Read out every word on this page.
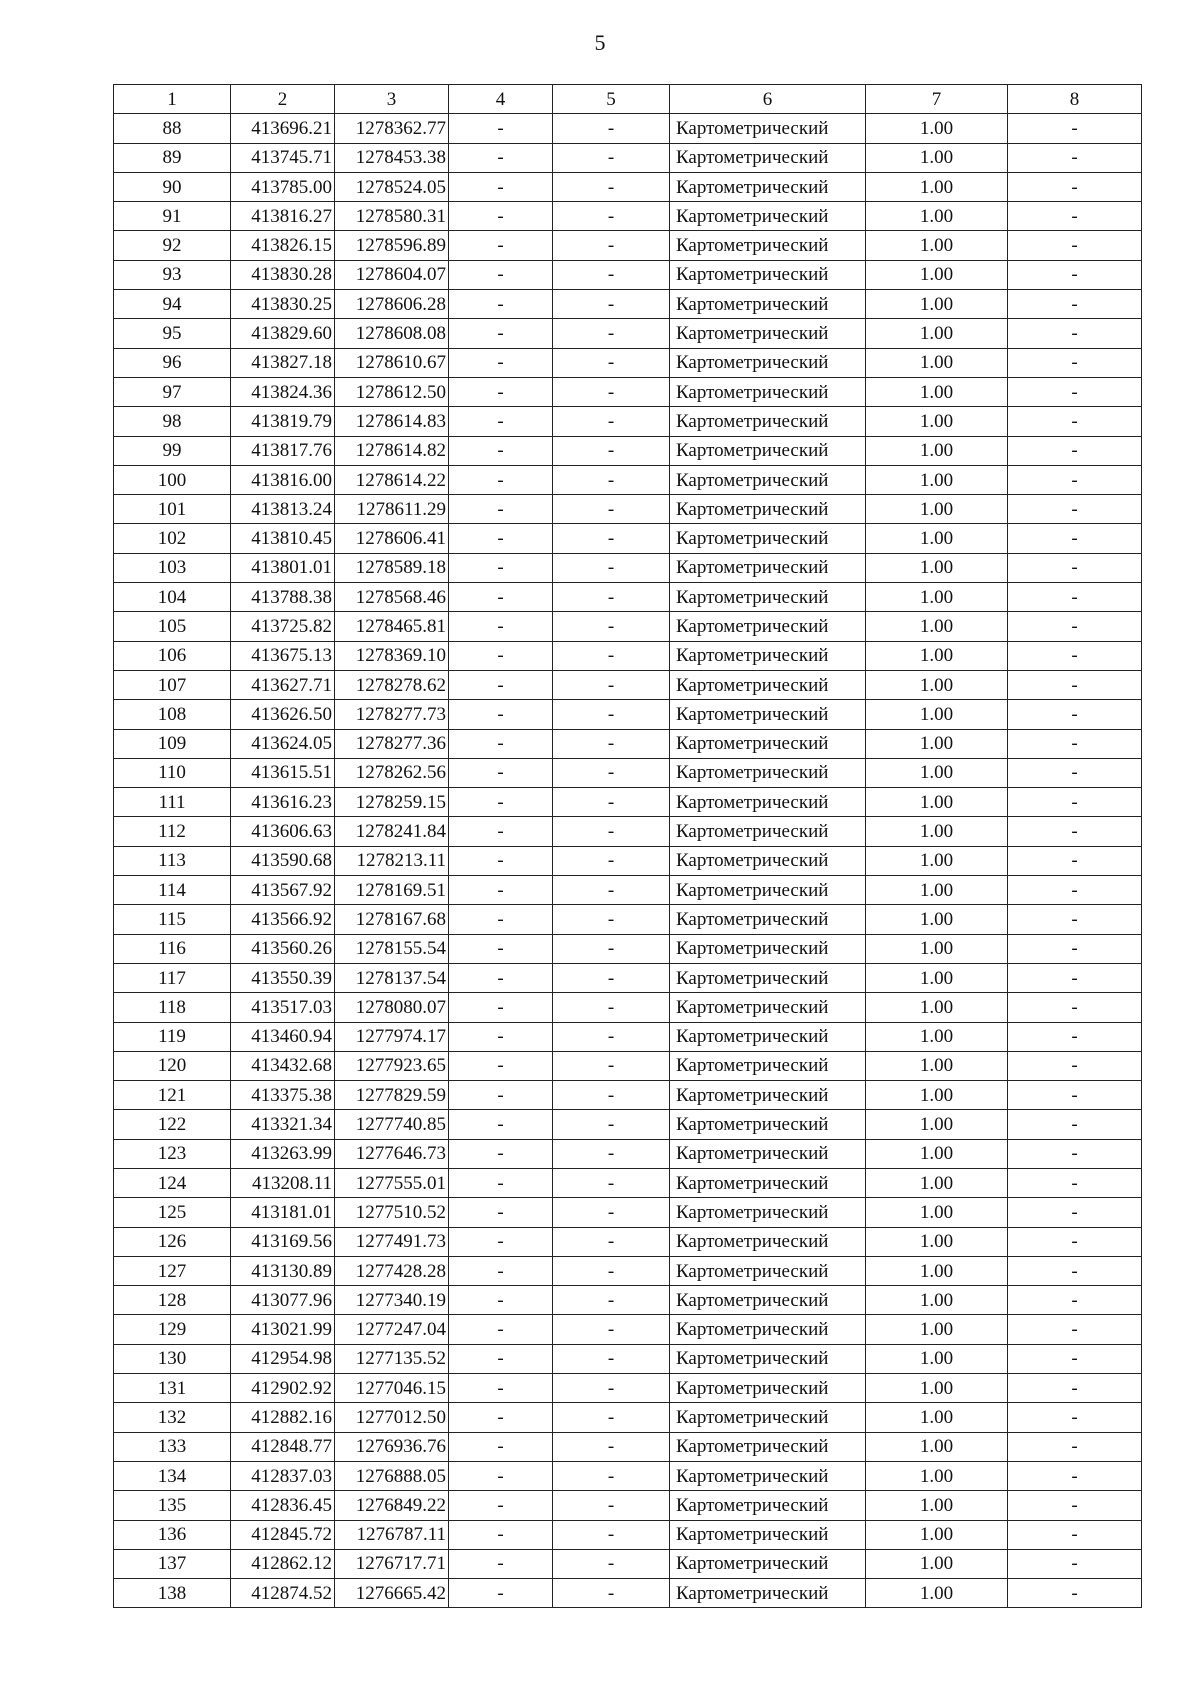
5
1	2	3	4	5	6	7	8
88	413696.21	1278362.77	-	-	Картометрический	1.00	-
89	413745.71	1278453.38	-	-	Картометрический	1.00	-
90	413785.00	1278524.05	-	-	Картометрический	1.00	-
91	413816.27	1278580.31	-	-	Картометрический	1.00	-
92	413826.15	1278596.89	-	-	Картометрический	1.00	-
93	413830.28	1278604.07	-	-	Картометрический	1.00	-
94	413830.25	1278606.28	-	-	Картометрический	1.00	-
95	413829.60	1278608.08	-	-	Картометрический	1.00	-
96	413827.18	1278610.67	-	-	Картометрический	1.00	-
97	413824.36	1278612.50	-	-	Картометрический	1.00	-
98	413819.79	1278614.83	-	-	Картометрический	1.00	-
99	413817.76	1278614.82	-	-	Картометрический	1.00	-
100	413816.00	1278614.22	-	-	Картометрический	1.00	-
101	413813.24	1278611.29	-	-	Картометрический	1.00	-
102	413810.45	1278606.41	-	-	Картометрический	1.00	-
103	413801.01	1278589.18	-	-	Картометрический	1.00	-
104	413788.38	1278568.46	-	-	Картометрический	1.00	-
105	413725.82	1278465.81	-	-	Картометрический	1.00	-
106	413675.13	1278369.10	-	-	Картометрический	1.00	-
107	413627.71	1278278.62	-	-	Картометрический	1.00	-
108	413626.50	1278277.73	-	-	Картометрический	1.00	-
109	413624.05	1278277.36	-	-	Картометрический	1.00	-
110	413615.51	1278262.56	-	-	Картометрический	1.00	-
111	413616.23	1278259.15	-	-	Картометрический	1.00	-
112	413606.63	1278241.84	-	-	Картометрический	1.00	-
113	413590.68	1278213.11	-	-	Картометрический	1.00	-
114	413567.92	1278169.51	-	-	Картометрический	1.00	-
115	413566.92	1278167.68	-	-	Картометрический	1.00	-
116	413560.26	1278155.54	-	-	Картометрический	1.00	-
117	413550.39	1278137.54	-	-	Картометрический	1.00	-
118	413517.03	1278080.07	-	-	Картометрический	1.00	-
119	413460.94	1277974.17	-	-	Картометрический	1.00	-
120	413432.68	1277923.65	-	-	Картометрический	1.00	-
121	413375.38	1277829.59	-	-	Картометрический	1.00	-
122	413321.34	1277740.85	-	-	Картометрический	1.00	-
123	413263.99	1277646.73	-	-	Картометрический	1.00	-
124	413208.11	1277555.01	-	-	Картометрический	1.00	-
125	413181.01	1277510.52	-	-	Картометрический	1.00	-
126	413169.56	1277491.73	-	-	Картометрический	1.00	-
127	413130.89	1277428.28	-	-	Картометрический	1.00	-
128	413077.96	1277340.19	-	-	Картометрический	1.00	-
129	413021.99	1277247.04	-	-	Картометрический	1.00	-
130	412954.98	1277135.52	-	-	Картометрический	1.00	-
131	412902.92	1277046.15	-	-	Картометрический	1.00	-
132	412882.16	1277012.50	-	-	Картометрический	1.00	-
133	412848.77	1276936.76	-	-	Картометрический	1.00	-
134	412837.03	1276888.05	-	-	Картометрический	1.00	-
135	412836.45	1276849.22	-	-	Картометрический	1.00	-
136	412845.72	1276787.11	-	-	Картометрический	1.00	-
137	412862.12	1276717.71	-	-	Картометрический	1.00	-
138	412874.52	1276665.42	-	-	Картометрический	1.00	-
